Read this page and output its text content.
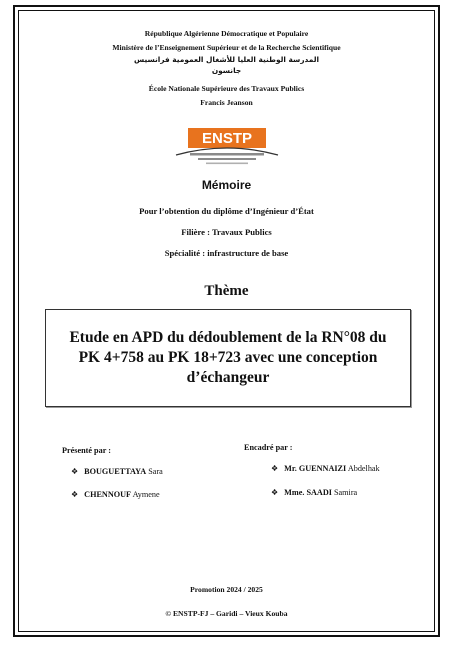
République Algérienne Démocratique et Populaire
Ministère de l’Enseignement Supérieur et de la Recherche Scientifique
المدرسة الوطنية العليا للأشغال العمومية فرانسيس
جانسون
École Nationale Supérieure des Travaux Publics
Francis Jeanson
ENSTP
Mémoire
Pour l’obtention du diplôme d’Ingénieur d’État
Filière : Travaux Publics
Spécialité : infrastructure de base
Thème
Etude en APD du dédoublement de la RN°08 du
PK 4+758 au PK 18+723 avec une conception
d’échangeur
Présenté par :	Encadré par :
❖ BOUGUETTAYA Sara
❖ CHENNOUF Aymene
❖ Mr. GUENNAIZI Abdelhak
❖ Mme. SAADI Samira
Promotion 2024 / 2025
© ENSTP-FJ – Garidi – Vieux Kouba
